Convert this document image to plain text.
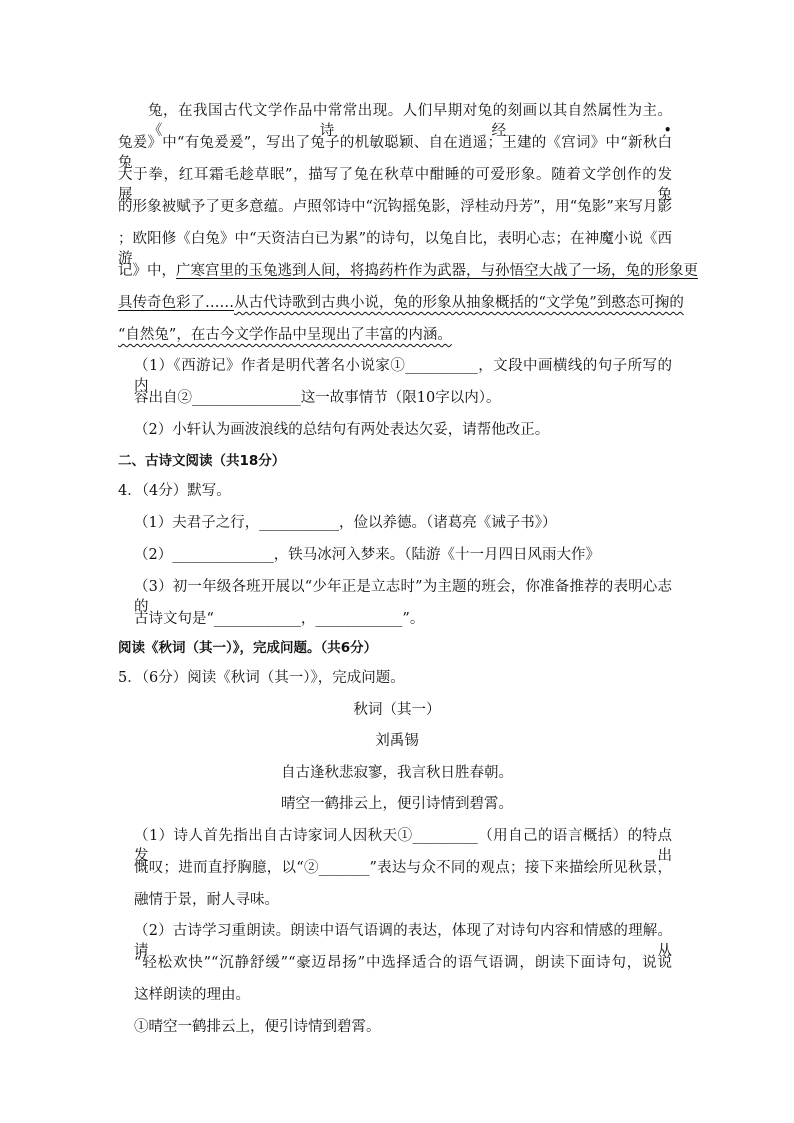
兔，在我国古代文学作品中常常出现。人们早期对兔的刻画以其自然属性为主。《诗经•
兔爰》中“有兔爰爰”，写出了兔子的机敏聪颖、自在逍遥；王建的《宫词》中“新秋白兔
大于拳，红耳霜毛趁草眠”，描写了兔在秋草中酣睡的可爱形象。随着文学创作的发展，兔
的形象被赋予了更多意蕴。卢照邻诗中“沉钩摇兔影，浮桂动丹芳”，用“兔影”来写月影
；欧阳修《白兔》中“天资洁白已为累”的诗句，以兔自比，表明心志；在神魔小说《西游
记》中，广寒宫里的玉兔逃到人间，将捣药杵作为武器，与孙悟空大战了一场，兔的形象更
具传奇色彩了……从古代诗歌到古典小说，兔的形象从抽象概括的“文学兔”到憨态可掬的
“自然兔”，在古今文学作品中呈现出了丰富的内涵。
（1）《西游记》作者是明代著名小说家①__________，文段中画横线的句子所写的内
容出自②_______________这一故事情节（限10字以内）。
（2）小轩认为画波浪线的总结句有两处表达欠妥，请帮他改正。
二、古诗文阅读（共18分）
4．（4分）默写。
（1）夫君子之行，___________，俭以养德。（诸葛亮《诫子书》）
（2）______________，铁马冰河入梦来。（陆游《十一月四日风雨大作》
（3）初一年级各班开展以“少年正是立志时”为主题的班会，你准备推荐的表明心志的
古诗文句是“____________，____________”。
阅读《秋词（其一）》，完成问题。（共6分）
5．（6分）阅读《秋词（其一）》，完成问题。
秋词（其一）
刘禹锡
自古逢秋悲寂寥，我言秋日胜春朝。
晴空一鹤排云上，便引诗情到碧霄。
（1）诗人首先指出自古诗家词人因秋天①_________（用自己的语言概括）的特点发出
慨叹；进而直抒胸臆，以“②_______”表达与众不同的观点；接下来描绘所见秋景，
融情于景，耐人寻味。
（2）古诗学习重朗读。朗读中语气语调的表达，体现了对诗句内容和情感的理解。请从
“轻松欢快”“沉静舒缓”“豪迈昂扬”中选择适合的语气语调，朗读下面诗句，说说
这样朗读的理由。
①晴空一鹤排云上，便引诗情到碧霄。
